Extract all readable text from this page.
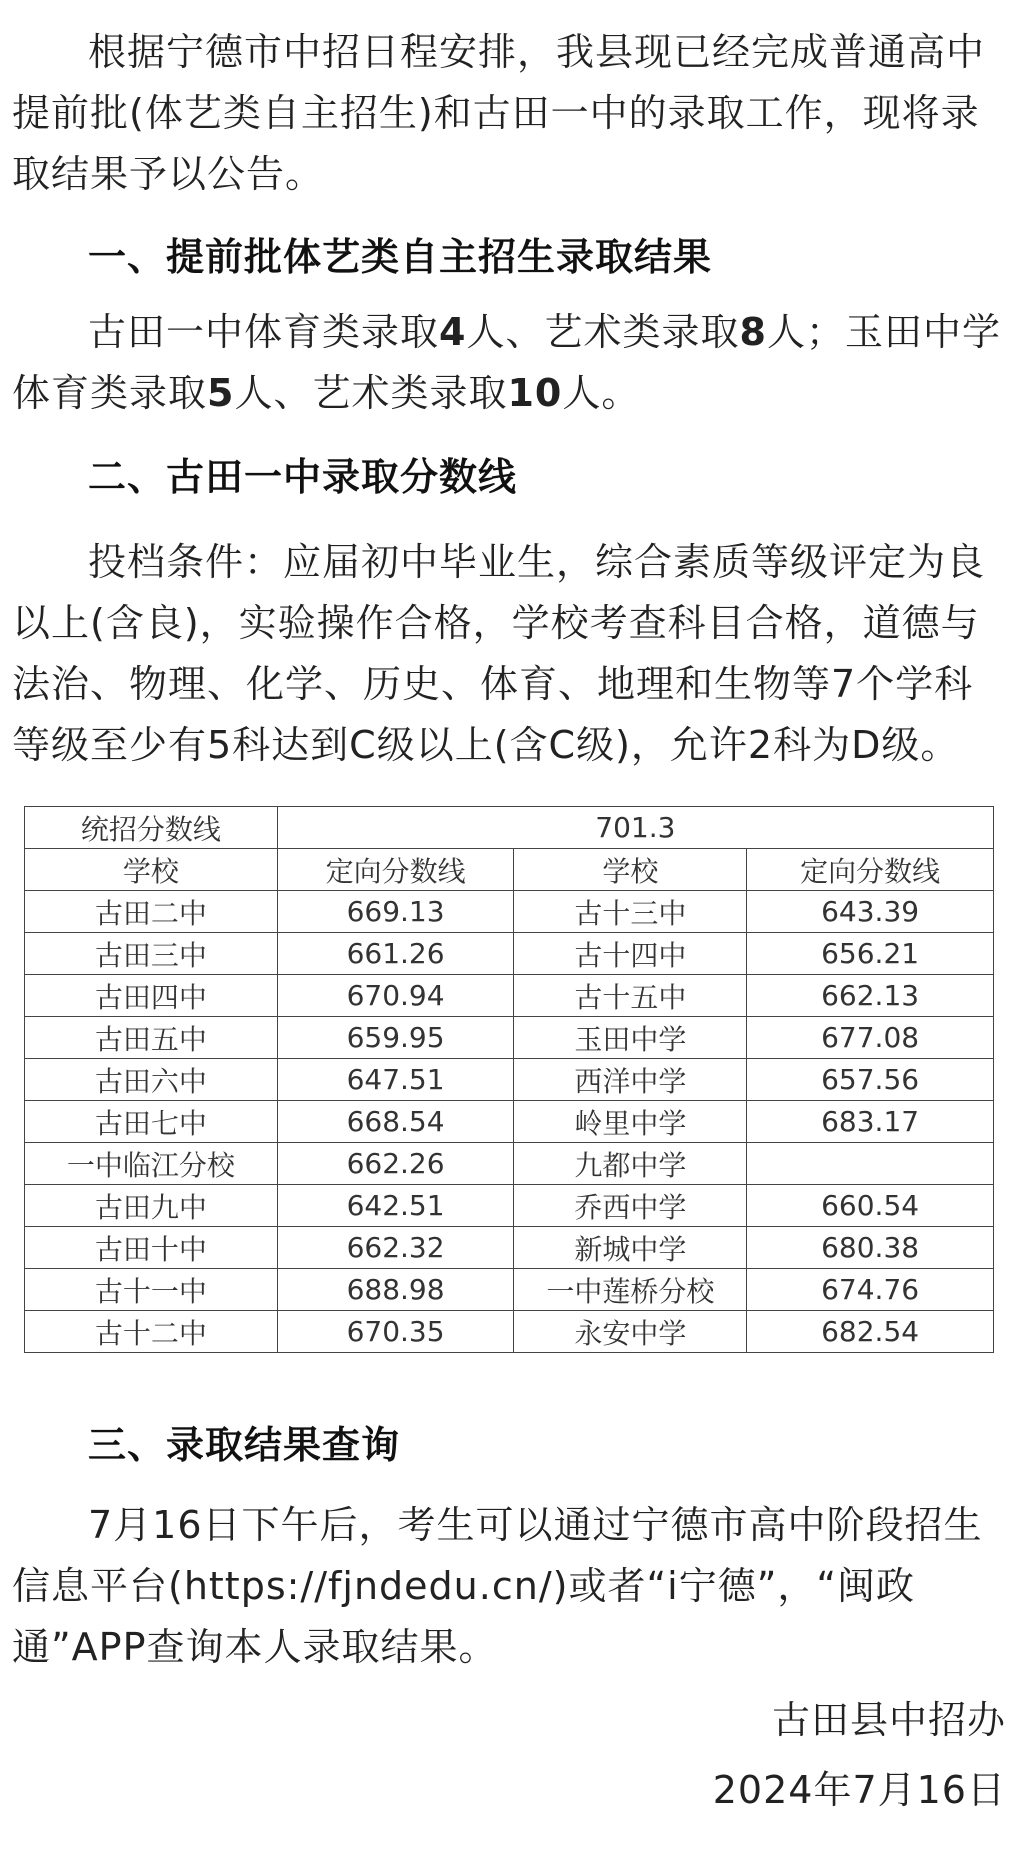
根据宁德市中招日程安排，我县现已经完成普通高中提前批(体艺类自主招生)和古田一中的录取工作，现将录取结果予以公告。

一、提前批体艺类自主招生录取结果

古田一中体育类录取4人、艺术类录取8人；玉田中学体育类录取5人、艺术类录取10人。

二、古田一中录取分数线

投档条件：应届初中毕业生，综合素质等级评定为良以上(含良)，实验操作合格，学校考查科目合格，道德与法治、物理、化学、历史、体育、地理和生物等7个学科等级至少有5科达到C级以上(含C级)，允许2科为D级。

统招分数线	701.3		
学校	定向分数线	学校	定向分数线
古田二中	669.13	古十三中	643.39
古田三中	661.26	古十四中	656.21
古田四中	670.94	古十五中	662.13
古田五中	659.95	玉田中学	677.08
古田六中	647.51	西洋中学	657.56
古田七中	668.54	岭里中学	683.17
一中临江分校	662.26	九都中学	
古田九中	642.51	乔西中学	660.54
古田十中	662.32	新城中学	680.38
古十一中	688.98	一中莲桥分校	674.76
古十二中	670.35	永安中学	682.54

三、录取结果查询

7月16日下午后，考生可以通过宁德市高中阶段招生信息平台(https://fjndedu.cn/)或者“i宁德”，“闽政通”APP查询本人录取结果。

古田县中招办
2024年7月16日
